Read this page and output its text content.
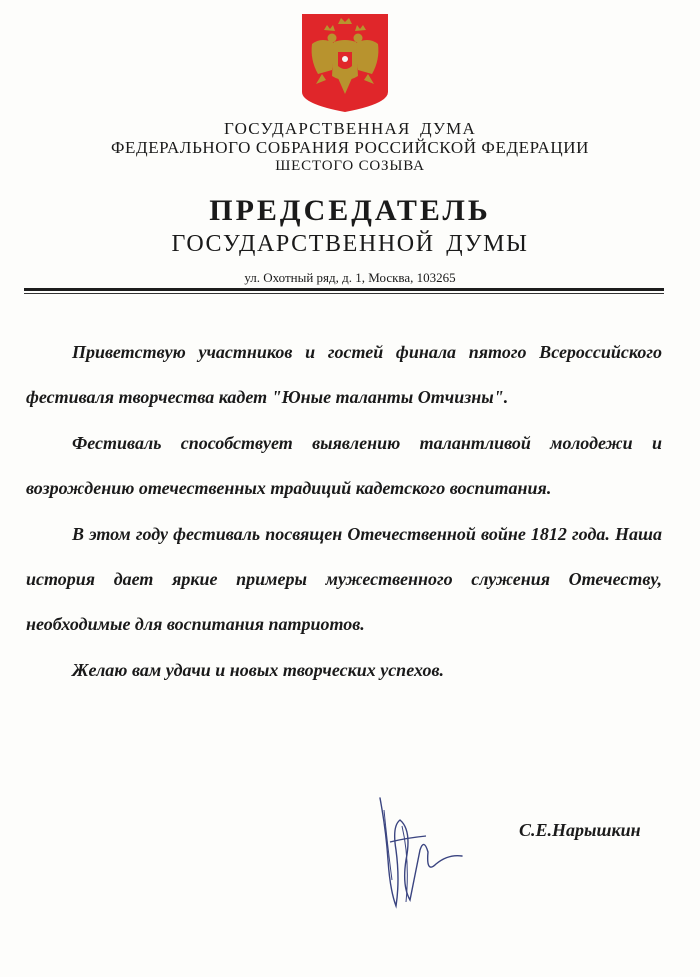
ГОСУДАРСТВЕННАЯ ДУМА
ФЕДЕРАЛЬНОГО СОБРАНИЯ РОССИЙСКОЙ ФЕДЕРАЦИИ
ШЕСТОГО СОЗЫВА
ПРЕДСЕДАТЕЛЬ
ГОСУДАРСТВЕННОЙ ДУМЫ
ул. Охотный ряд, д. 1, Москва, 103265

Приветствую участников и гостей финала пятого Всероссийского фестиваля творчества кадет "Юные таланты Отчизны".

Фестиваль способствует выявлению талантливой молодежи и возрождению отечественных традиций кадетского воспитания.

В этом году фестиваль посвящен Отечественной войне 1812 года. Наша история дает яркие примеры мужественного служения Отечеству, необходимые для воспитания патриотов.

Желаю вам удачи и новых творческих успехов.

С.Е.Нарышкин
